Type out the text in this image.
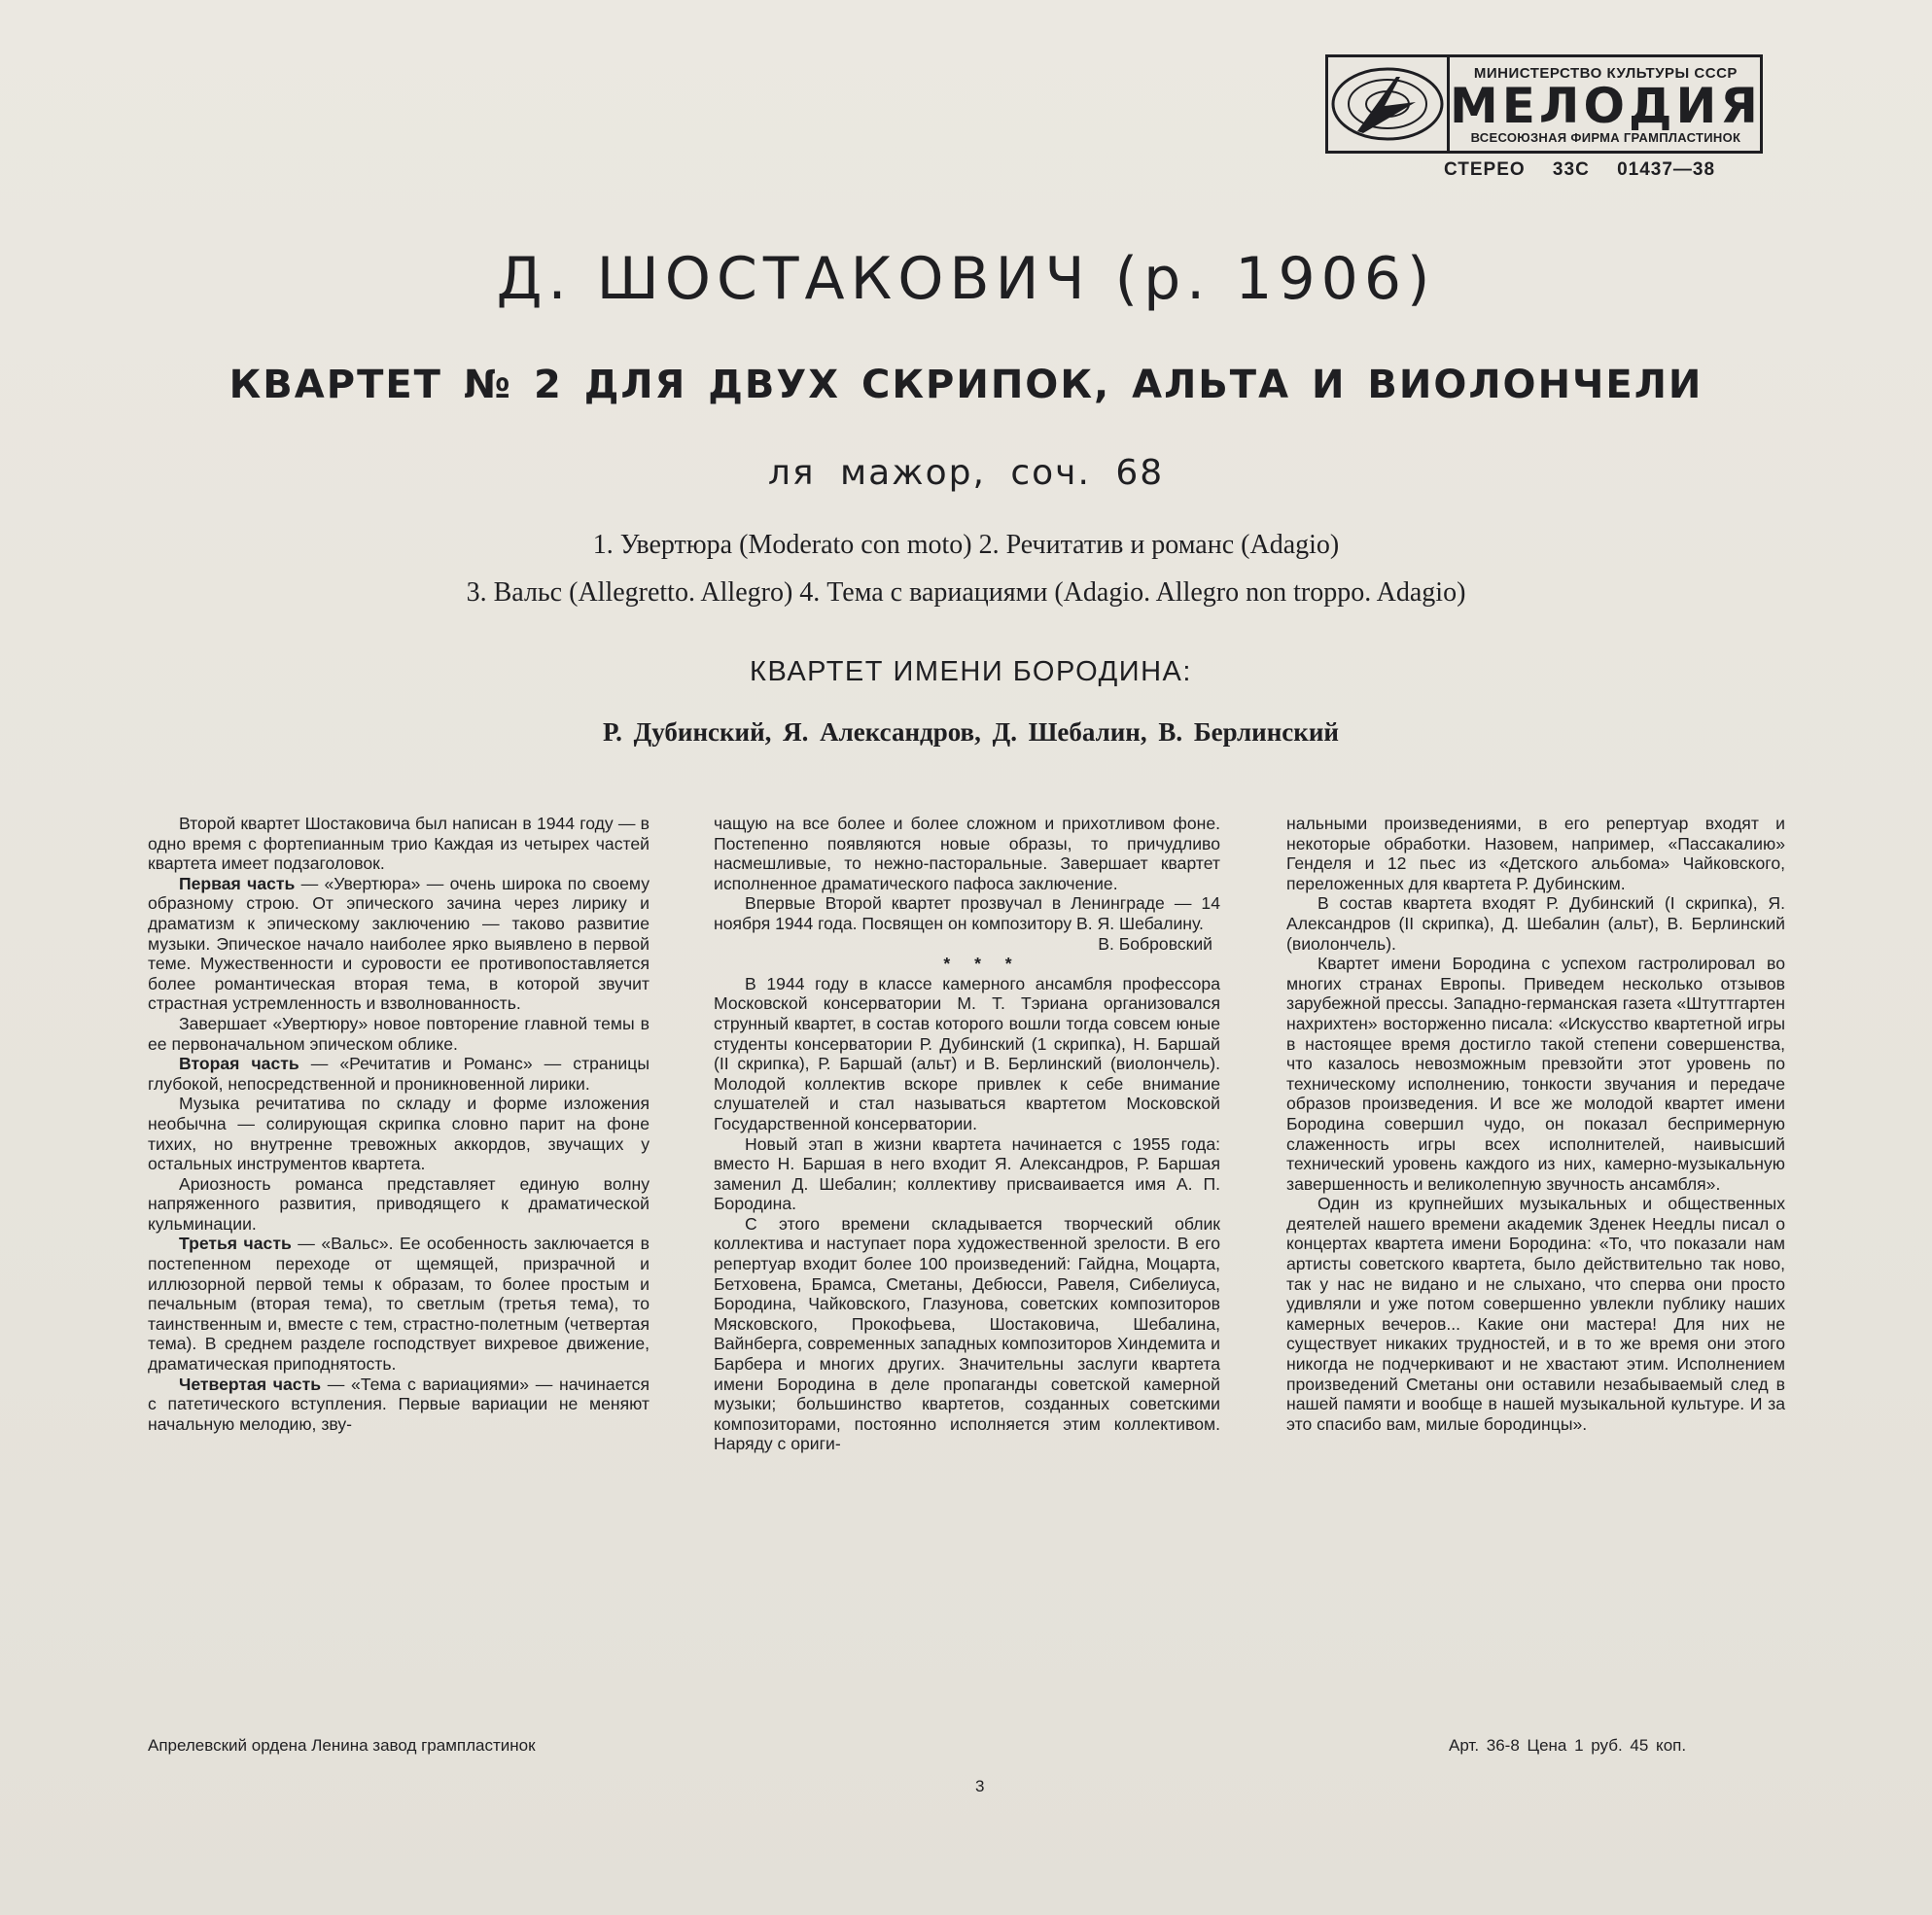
МИНИСТЕРСТВО КУЛЬТУРЫ СССР
МЕЛОДИЯ
ВСЕСОЮЗНАЯ ФИРМА ГРАМПЛАСТИНОК
СТЕРЕО 33С 01437—38
Д. ШОСТАКОВИЧ (р. 1906)
КВАРТЕТ № 2 ДЛЯ ДВУХ СКРИПОК, АЛЬТА И ВИОЛОНЧЕЛИ
ля мажор, соч. 68
1. Увертюра (Moderato con moto) 2. Речитатив и романс (Adagio)
3. Вальс (Allegretto. Allegro) 4. Тема с вариациями (Adagio. Allegro non troppo. Adagio)
КВАРТЕТ ИМЕНИ БОРОДИНА:
Р. Дубинский, Я. Александров, Д. Шебалин, В. Берлинский

Второй квартет Шостаковича был написан в 1944 году — в одно время с фортепианным трио Каждая из четырех частей квартета имеет подзаголовок.

Первая часть — «Увертюра» — очень широка по своему образному строю. От эпического зачина через лирику и драматизм к эпическому заключению — таково развитие музыки. Эпическое начало наиболее ярко выявлено в первой теме. Мужественности и суровости ее противопоставляется более романтическая вторая тема, в которой звучит страстная устремленность и взволнованность.

Завершает «Увертюру» новое повторение главной темы в ее первоначальном эпическом облике.

Вторая часть — «Речитатив и Романс» — страницы глубокой, непосредственной и проникновенной лирики.

Музыка речитатива по складу и форме изложения необычна — солирующая скрипка словно парит на фоне тихих, но внутренне тревожных аккордов, звучащих у остальных инструментов квартета.

Ариозность романса представляет единую волну напряженного развития, приводящего к драматической кульминации.

Третья часть — «Вальс». Ее особенность заключается в постепенном переходе от щемящей, призрачной и иллюзорной первой темы к образам, то более простым и печальным (вторая тема), то светлым (третья тема), то таинственным и, вместе с тем, страстно-полетным (четвертая тема). В среднем разделе господствует вихревое движение, драматическая приподнятость.

Четвертая часть — «Тема с вариациями» — начинается с патетического вступления. Первые вариации не меняют начальную мелодию, зву-

чащую на все более и более сложном и прихотливом фоне. Постепенно появляются новые образы, то причудливо насмешливые, то нежно-пасторальные. Завершает квартет исполненное драматического пафоса заключение.

Впервые Второй квартет прозвучал в Ленинграде — 14 ноября 1944 года. Посвящен он композитору В. Я. Шебалину.

В. Бобровский

* * *

В 1944 году в классе камерного ансамбля профессора Московской консерватории М. Т. Тэриана организовался струнный квартет, в состав которого вошли тогда совсем юные студенты консерватории Р. Дубинский (1 скрипка), Н. Баршай (II скрипка), Р. Баршай (альт) и В. Берлинский (виолончель). Молодой коллектив вскоре привлек к себе внимание слушателей и стал называться квартетом Московской Государственной консерватории.

Новый этап в жизни квартета начинается с 1955 года: вместо Н. Баршая в него входит Я. Александров, Р. Баршая заменил Д. Шебалин; коллективу присваивается имя А. П. Бородина.

С этого времени складывается творческий облик коллектива и наступает пора художественной зрелости. В его репертуар входит более 100 произведений: Гайдна, Моцарта, Бетховена, Брамса, Сметаны, Дебюсси, Равеля, Сибелиуса, Бородина, Чайковского, Глазунова, советских композиторов Мясковского, Прокофьева, Шостаковича, Шебалина, Вайнберга, современных западных композиторов Хиндемита и Барбера и многих других. Значительны заслуги квартета имени Бородина в деле пропаганды советской камерной музыки; большинство квартетов, созданных советскими композиторами, постоянно исполняется этим коллективом. Наряду с ориги-

нальными произведениями, в его репертуар входят и некоторые обработки. Назовем, например, «Пассакалию» Генделя и 12 пьес из «Детского альбома» Чайковского, переложенных для квартета Р. Дубинским.

В состав квартета входят Р. Дубинский (I скрипка), Я. Александров (II скрипка), Д. Шебалин (альт), В. Берлинский (виолончель).

Квартет имени Бородина с успехом гастролировал во многих странах Европы. Приведем несколько отзывов зарубежной прессы. Западно-германская газета «Штуттгартен нахрихтен» восторженно писала: «Искусство квартетной игры в настоящее время достигло такой степени совершенства, что казалось невозможным превзойти этот уровень по техническому исполнению, тонкости звучания и передаче образов произведения. И все же молодой квартет имени Бородина совершил чудо, он показал беспримерную слаженность игры всех исполнителей, наивысший технический уровень каждого из них, камерно-музыкальную завершенность и великолепную звучность ансамбля».

Один из крупнейших музыкальных и общественных деятелей нашего времени академик Зденек Неедлы писал о концертах квартета имени Бородина: «То, что показали нам артисты советского квартета, было действительно так ново, так у нас не видано и не слыхано, что сперва они просто удивляли и уже потом совершенно увлекли публику наших камерных вечеров... Какие они мастера! Для них не существует никаких трудностей, и в то же время они этого никогда не подчеркивают и не хвастают этим. Исполнением произведений Сметаны они оставили незабываемый след в нашей памяти и вообще в нашей музыкальной культуре. И за это спасибо вам, милые бородинцы».

Апрелевский ордена Ленина завод грампластинок	Арт. 36-8 Цена 1 руб. 45 коп.
3
